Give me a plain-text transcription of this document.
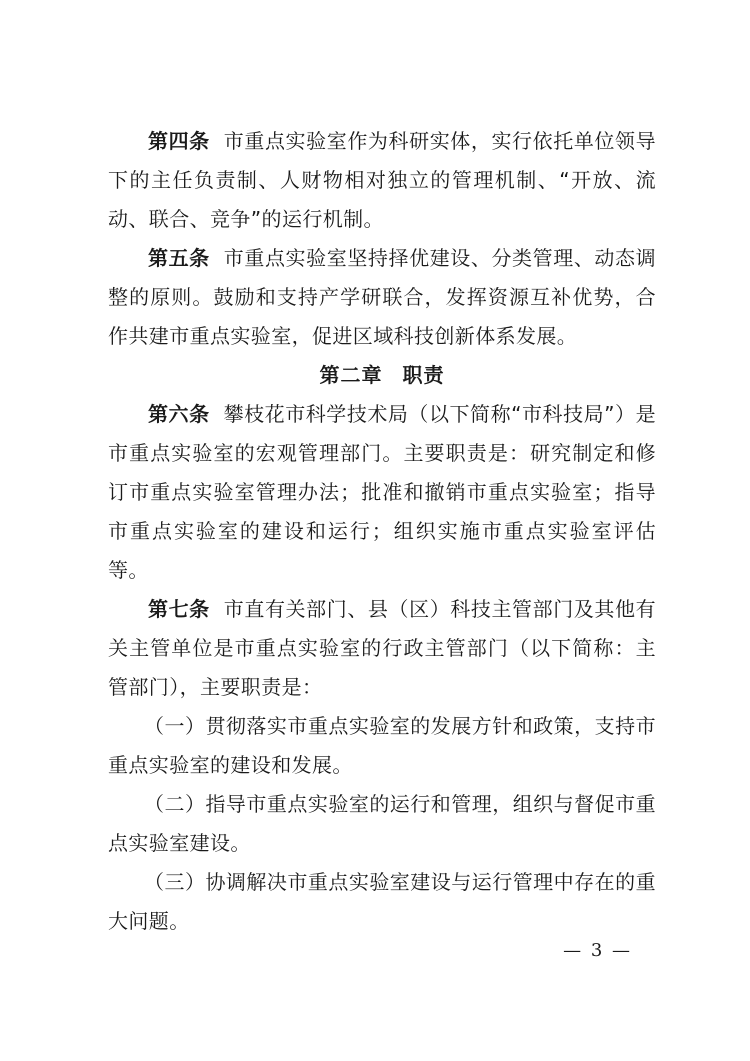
第四条 市重点实验室作为科研实体，实行依托单位领导下的主任负责制、人财物相对独立的管理机制、“开放、流动、联合、竞争”的运行机制。

第五条 市重点实验室坚持择优建设、分类管理、动态调整的原则。鼓励和支持产学研联合，发挥资源互补优势，合作共建市重点实验室，促进区域科技创新体系发展。

第二章 职责

第六条 攀枝花市科学技术局（以下简称“市科技局”）是市重点实验室的宏观管理部门。主要职责是：研究制定和修订市重点实验室管理办法；批准和撤销市重点实验室；指导市重点实验室的建设和运行；组织实施市重点实验室评估等。

第七条 市直有关部门、县（区）科技主管部门及其他有关主管单位是市重点实验室的行政主管部门（以下简称：主管部门），主要职责是：

（一）贯彻落实市重点实验室的发展方针和政策，支持市重点实验室的建设和发展。

（二）指导市重点实验室的运行和管理，组织与督促市重点实验室建设。

（三）协调解决市重点实验室建设与运行管理中存在的重大问题。

— 3 —
